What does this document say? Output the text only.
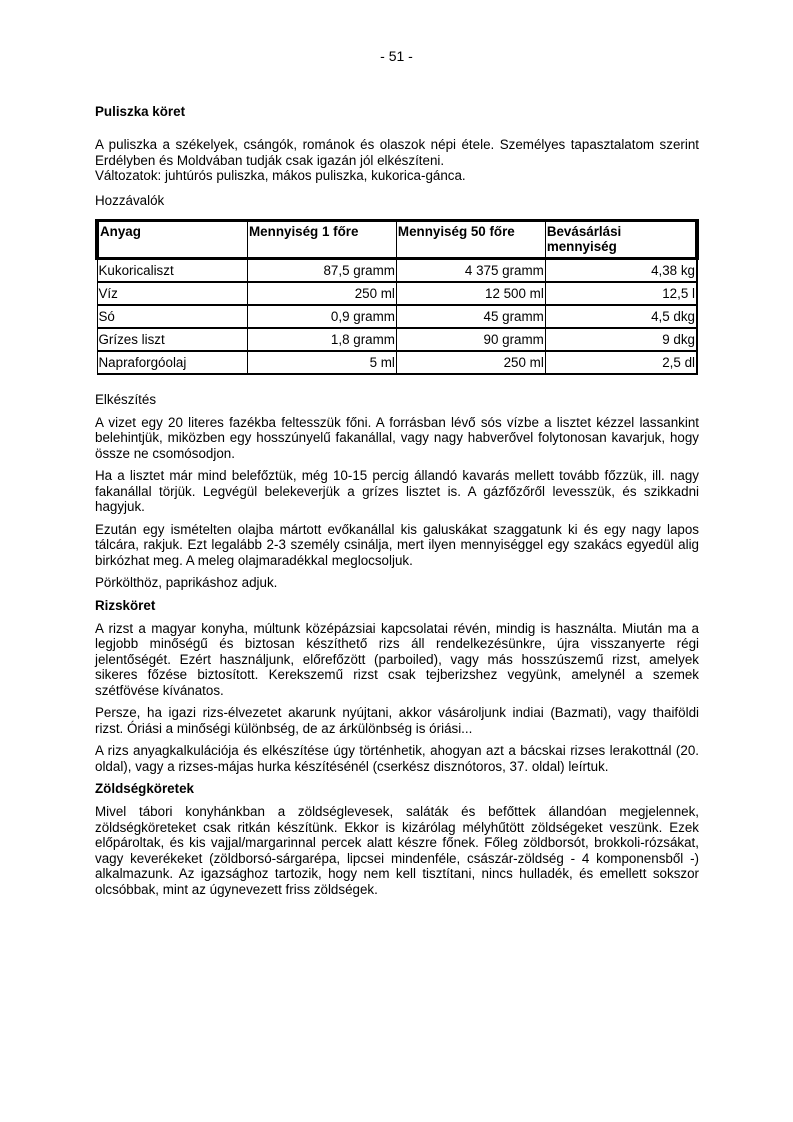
- 51 -
Puliszka köret

A puliszka a székelyek, csángók, románok és olaszok népi étele. Személyes tapasztalatom szerint Erdélyben és Moldvában tudják csak igazán jól elkészíteni.
Változatok: juhtúrós puliszka, mákos puliszka, kukorica-gánca.

Hozzávalók

Anyag	Mennyiség 1 főre	Mennyiség 50 főre	Bevásárlási mennyiség
Kukoricaliszt	87,5 gramm	4 375 gramm	4,38 kg
Víz	250 ml	12 500 ml	12,5 l
Só	0,9 gramm	45 gramm	4,5 dkg
Grízes liszt	1,8 gramm	90 gramm	9 dkg
Napraforgóolaj	5 ml	250 ml	2,5 dl

Elkészítés

A vizet egy 20 literes fazékba feltesszük főni. A forrásban lévő sós vízbe a lisztet kézzel lassankint belehintjük, miközben egy hosszúnyelű fakanállal, vagy nagy habverővel folytonosan kavarjuk, hogy össze ne csomósodjon.

Ha a lisztet már mind belefőztük, még 10-15 percig állandó kavarás mellett tovább főzzük, ill. nagy fakanállal törjük. Legvégül belekeverjük a grízes lisztet is. A gázfőzőről levesszük, és szikkadni hagyjuk.

Ezután egy ismételten olajba mártott evőkanállal kis galuskákat szaggatunk ki és egy nagy lapos tálcára, rakjuk. Ezt legalább 2-3 személy csinálja, mert ilyen mennyiséggel egy szakács egyedül alig birkózhat meg. A meleg olajmaradékkal meglocsoljuk.

Pörkölthöz, paprikáshoz adjuk.

Rizsköret

A rizst a magyar konyha, múltunk középázsiai kapcsolatai révén, mindig is használta. Miután ma a legjobb minőségű és biztosan készíthető rizs áll rendelkezésünkre, újra visszanyerte régi jelentőségét. Ezért használjunk, előrefőzött (parboiled), vagy más hosszúszemű rizst, amelyek sikeres főzése biztosított. Kerekszemű rizst csak tejberizshez vegyünk, amelynél a szemek szétfövése kívánatos.

Persze, ha igazi rizs-élvezetet akarunk nyújtani, akkor vásároljunk indiai (Bazmati), vagy thaiföldi rizst. Óriási a minőségi különbség, de az árkülönbség is óriási...

A rizs anyagkalkulációja és elkészítése úgy történhetik, ahogyan azt a bácskai rizses lerakottnál (20. oldal), vagy a rizses-májas hurka készítésénél (cserkész disznótoros, 37. oldal) leírtuk.

Zöldségköretek

Mivel tábori konyhánkban a zöldséglevesek, saláták és befőttek állandóan megjelennek, zöldségköreteket csak ritkán készítünk. Ekkor is kizárólag mélyhűtött zöldségeket veszünk. Ezek előpároltak, és kis vajjal/margarinnal percek alatt készre főnek. Főleg zöldborsót, brokkoli-rózsákat, vagy keverékeket (zöldborsó-sárgarépa, lipcsei mindenféle, császár-zöldség - 4 komponensből -) alkalmazunk. Az igazsághoz tartozik, hogy nem kell tisztítani, nincs hulladék, és emellett sokszor olcsóbbak, mint az úgynevezett friss zöldségek.
